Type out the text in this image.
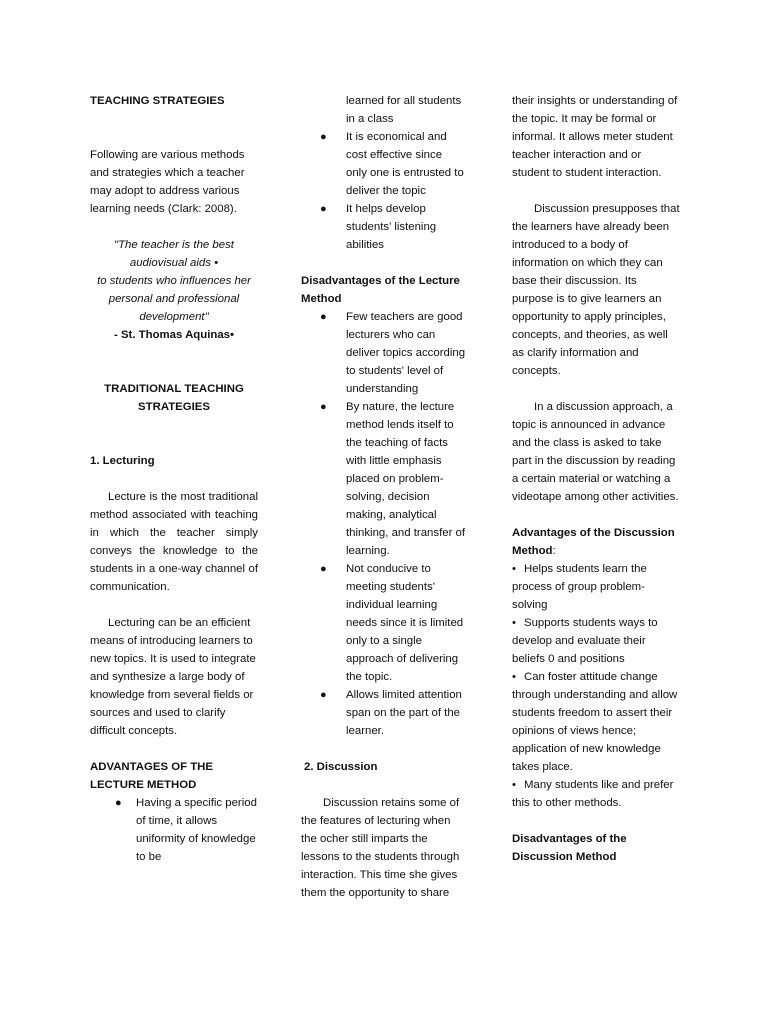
TEACHING STRATEGIES

Following are various methods and strategies which a teacher may adopt to address various learning needs (Clark: 2008).

"The teacher is the best audiovisual aids •

to students who influences her personal and professional development"

- St. Thomas Aquinas•

TRADITIONAL TEACHING STRATEGIES

1. Lecturing

Lecture is the most traditional method associated with teaching in which the teacher simply conveys the knowledge to the students in a one-way channel of communication.

Lecturing can be an efficient means of introducing learners to new topics. It is used to integrate and synthesize a large body of knowledge from several fields or sources and used to clarify difficult concepts.

ADVANTAGES OF THE LECTURE METHOD

● Having a specific period of time, it allows uniformity of knowledge to be

learned for all students in a class

● It is economical and cost effective since only one is entrusted to deliver the topic
● It helps develop students’ listening abilities

Disadvantages of the Lecture Method

● Few teachers are good lecturers who can deliver topics according to students' level of understanding
● By nature, the lecture method lends itself to the teaching of facts with little emphasis placed on problem-solving, decision making, analytical thinking, and transfer of learning.
● Not conducive to meeting students' individual learning needs since it is limited only to a single approach of delivering the topic.
● Allows limited attention span on the part of the learner.

2. Discussion

Discussion retains some of the features of lecturing when the ocher still imparts the lessons to the students through interaction. This time she gives them the opportunity to share

their insights or understanding of the topic. It may be formal or informal. It allows meter student teacher interaction and or student to student interaction.

Discussion presupposes that the learners have already been introduced to a body of information on which they can base their discussion. Its purpose is to give learners an opportunity to apply principles, concepts, and theories, as well as clarify information and concepts.

In a discussion approach, a topic is announced in advance and the class is asked to take part in the discussion by reading a certain material or watching a videotape among other activities.

Advantages of the Discussion Method:

• Helps students learn the process of group problem-solving
• Supports students ways to develop and evaluate their beliefs 0 and positions
• Can foster attitude change through understanding and allow students freedom to assert their opinions of views hence; application of new knowledge takes place.
• Many students like and prefer this to other methods.

Disadvantages of the Discussion Method
